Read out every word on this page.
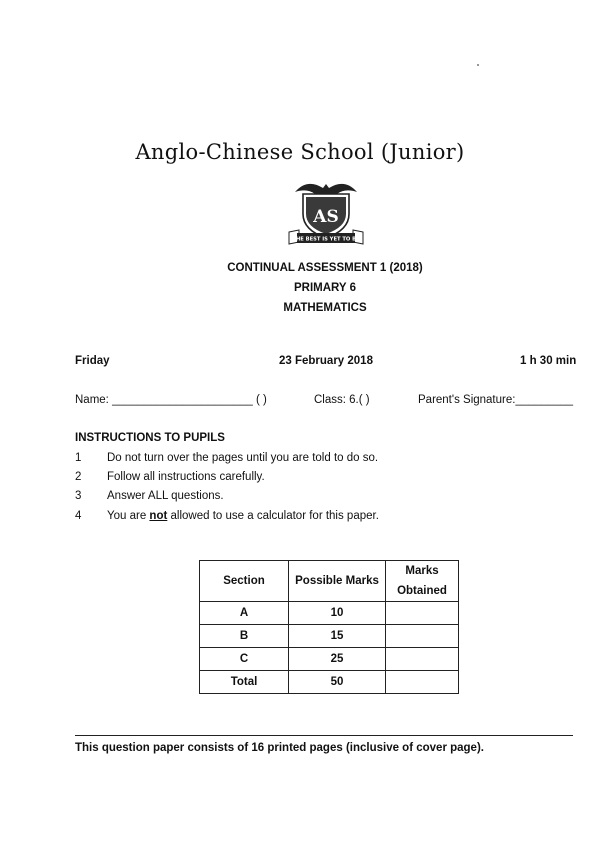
Anglo-Chinese School (Junior)
AS
THE BEST IS YET TO BE
CONTINUAL ASSESSMENT 1 (2018)
PRIMARY 6
MATHEMATICS
Friday	23 February 2018	1 h 30 min
Name: ______________________ ( )	Class: 6.( )	Parent's Signature:_________
INSTRUCTIONS TO PUPILS
1 Do not turn over the pages until you are told to do so.
2 Follow all instructions carefully.
3 Answer ALL questions.
4 You are not allowed to use a calculator for this paper.
Section	Possible Marks	Marks Obtained
A	10	
B	15	
C	25	
Total	50	
This question paper consists of 16 printed pages (inclusive of cover page).
